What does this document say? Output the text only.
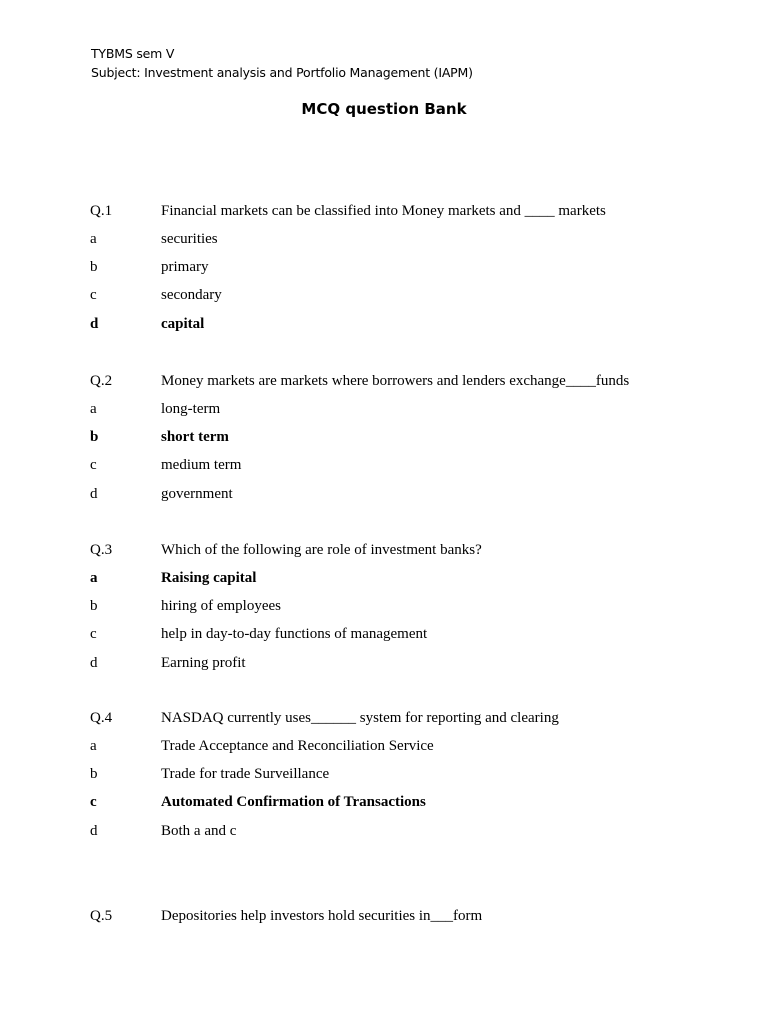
TYBMS sem V
Subject: Investment analysis and Portfolio Management (IAPM)
MCQ question Bank
Q.1	Financial markets can be classified into Money markets and ____ markets
a	securities
b	primary
c	secondary
d	capital
Q.2	Money markets are markets where borrowers and lenders exchange____funds
a	long-term
b	short term
c	medium term
d	government
Q.3	Which of the following are role of investment banks?
a	Raising capital
b	hiring of employees
c	help in day-to-day functions of management
d	Earning profit
Q.4	NASDAQ currently uses______ system for reporting and clearing
a	Trade Acceptance and Reconciliation Service
b	Trade for trade Surveillance
c	Automated Confirmation of Transactions
d	Both a and c
Q.5	Depositories help investors hold securities in___form
